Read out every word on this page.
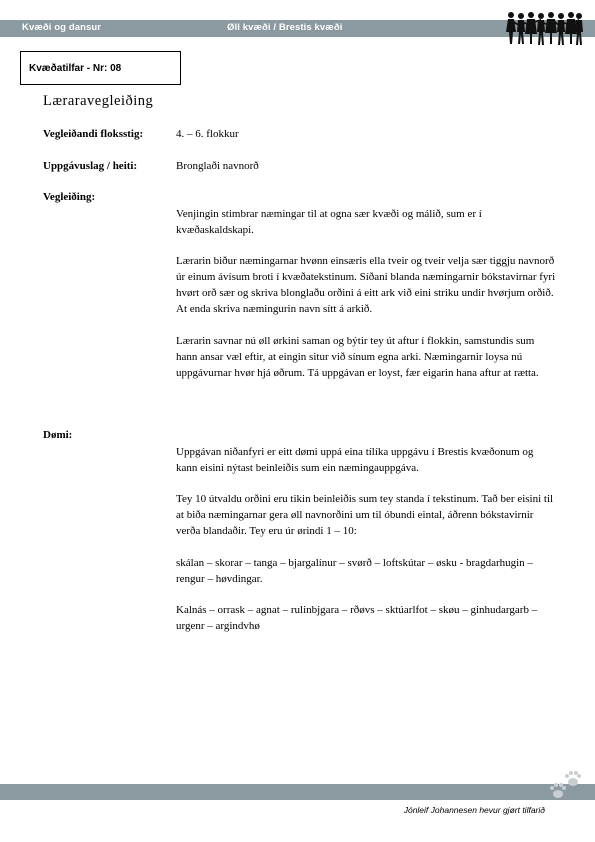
Kvæði og dansur	Øll kvæði / Brestis kvæði
Kvæðatilfar - Nr: 08
Læraravegleiðing
Vegleiðandi floksstig:	4. – 6. flokkur
Uppgávuslag / heiti:	Bronglaði navnorð
Vegleiðing:

Venjingin stimbrar næmingar til at ogna sær kvæði og málið, sum er í kvæðaskaldskapi.

Lærarin biður næmingarnar hvønn einsæris ella tveir og tveir velja sær tiggju navnorð úr einum ávísum broti í kvæðatekstinum. Síðani blanda næmingarnir bókstavirnar fyri hvørt orð sær og skriva blonglaðu orðini á eitt ark við eini striku undir hvørjum orðið. At enda skriva næmingurin navn sítt á arkið.

Lærarin savnar nú øll ørkini saman og býtir tey út aftur í flokkin, samstundis sum hann ansar væl eftir, at eingin situr við sínum egna arki. Næmingarnir loysa nú uppgávurnar hvør hjá øðrum. Tá uppgávan er loyst, fær eigarin hana aftur at rætta.

Dømi:

Uppgávan niðanfyri er eitt dømi uppá eina tílíka uppgávu í Brestis kvæðonum og kann eisini nýtast beinleiðis sum ein næmingauppgáva.

Tey 10 útvaldu orðini eru tikin beinleiðis sum tey standa í tekstinum. Tað ber eisini til at biða næmingarnar gera øll navnorðini um til óbundi eintal, áðrenn bókstavirnir verða blandaðir. Tey eru úr ørindi 1 – 10:

skálan – skorar – tanga – bjargalínur – svørð – loftskútar – øsku - bragdarhugin – rengur – høvdingar.

Kalnás – orrask – agnat – rulinbjgara – rðøvs – sktúarlfot – skøu – ginhudargarb – urgenr – argindvhø

Jónleif Johannesen hevur gjørt tilfarið
